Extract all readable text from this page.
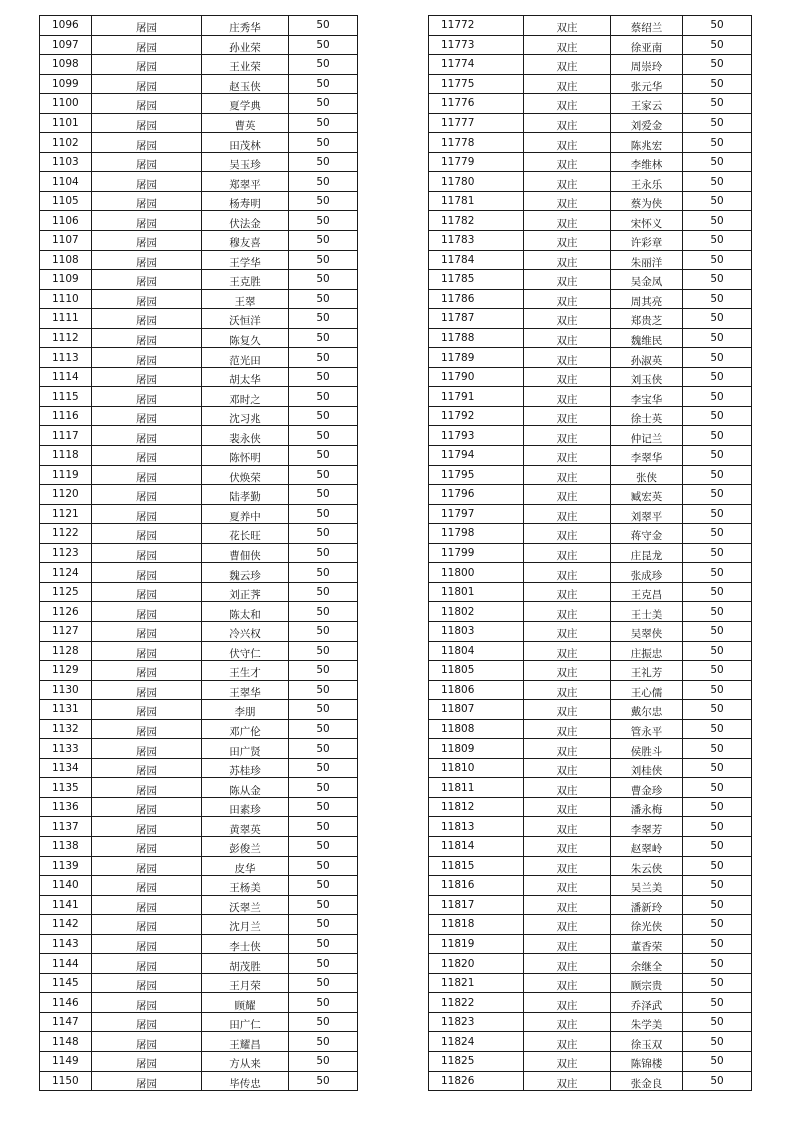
1096	屠园	庄秀华	50
1097	屠园	孙业荣	50
1098	屠园	王业荣	50
1099	屠园	赵玉侠	50
1100	屠园	夏学典	50
1101	屠园	曹英	50
1102	屠园	田茂林	50
1103	屠园	吴玉珍	50
1104	屠园	郑翠平	50
1105	屠园	杨寿明	50
1106	屠园	伏法金	50
1107	屠园	穆友喜	50
1108	屠园	王学华	50
1109	屠园	王克胜	50
1110	屠园	王翠	50
1111	屠园	沃恒洋	50
1112	屠园	陈复久	50
1113	屠园	范光田	50
1114	屠园	胡太华	50
1115	屠园	邓时之	50
1116	屠园	沈习兆	50
1117	屠园	裴永侠	50
1118	屠园	陈怀明	50
1119	屠园	伏焕荣	50
1120	屠园	陆孝勤	50
1121	屠园	夏养中	50
1122	屠园	花长旺	50
1123	屠园	曹佃侠	50
1124	屠园	魏云珍	50
1125	屠园	刘正荠	50
1126	屠园	陈太和	50
1127	屠园	冷兴权	50
1128	屠园	伏守仁	50
1129	屠园	王生才	50
1130	屠园	王翠华	50
1131	屠园	李朋	50
1132	屠园	邓广伦	50
1133	屠园	田广贤	50
1134	屠园	苏桂珍	50
1135	屠园	陈从金	50
1136	屠园	田素珍	50
1137	屠园	黄翠英	50
1138	屠园	彭俊兰	50
1139	屠园	皮华	50
1140	屠园	王杨美	50
1141	屠园	沃翠兰	50
1142	屠园	沈月兰	50
1143	屠园	李士侠	50
1144	屠园	胡茂胜	50
1145	屠园	王月荣	50
1146	屠园	顾耀	50
1147	屠园	田广仁	50
1148	屠园	王耀昌	50
1149	屠园	方从来	50
1150	屠园	毕传忠	50
11772	双庄	蔡绍兰	50
11773	双庄	徐亚南	50
11774	双庄	周崇玲	50
11775	双庄	张元华	50
11776	双庄	王家云	50
11777	双庄	刘爱金	50
11778	双庄	陈兆宏	50
11779	双庄	李维林	50
11780	双庄	王永乐	50
11781	双庄	蔡为侠	50
11782	双庄	宋怀义	50
11783	双庄	许彩章	50
11784	双庄	朱丽洋	50
11785	双庄	吴金凤	50
11786	双庄	周其亮	50
11787	双庄	郑贵芝	50
11788	双庄	魏维民	50
11789	双庄	孙淑英	50
11790	双庄	刘玉侠	50
11791	双庄	李宝华	50
11792	双庄	徐士英	50
11793	双庄	仲记兰	50
11794	双庄	李翠华	50
11795	双庄	张侠	50
11796	双庄	臧宏英	50
11797	双庄	刘翠平	50
11798	双庄	蒋守金	50
11799	双庄	庄昆龙	50
11800	双庄	张成珍	50
11801	双庄	王克昌	50
11802	双庄	王士美	50
11803	双庄	吴翠侠	50
11804	双庄	庄振忠	50
11805	双庄	王礼芳	50
11806	双庄	王心儒	50
11807	双庄	戴尔忠	50
11808	双庄	管永平	50
11809	双庄	侯胜斗	50
11810	双庄	刘桂侠	50
11811	双庄	曹金珍	50
11812	双庄	潘永梅	50
11813	双庄	李翠芳	50
11814	双庄	赵翠岭	50
11815	双庄	朱云侠	50
11816	双庄	吴兰美	50
11817	双庄	潘新玲	50
11818	双庄	徐光侠	50
11819	双庄	董香荣	50
11820	双庄	余继全	50
11821	双庄	顾宗贵	50
11822	双庄	乔泽武	50
11823	双庄	朱学美	50
11824	双庄	徐玉双	50
11825	双庄	陈锦楼	50
11826	双庄	张金良	50
